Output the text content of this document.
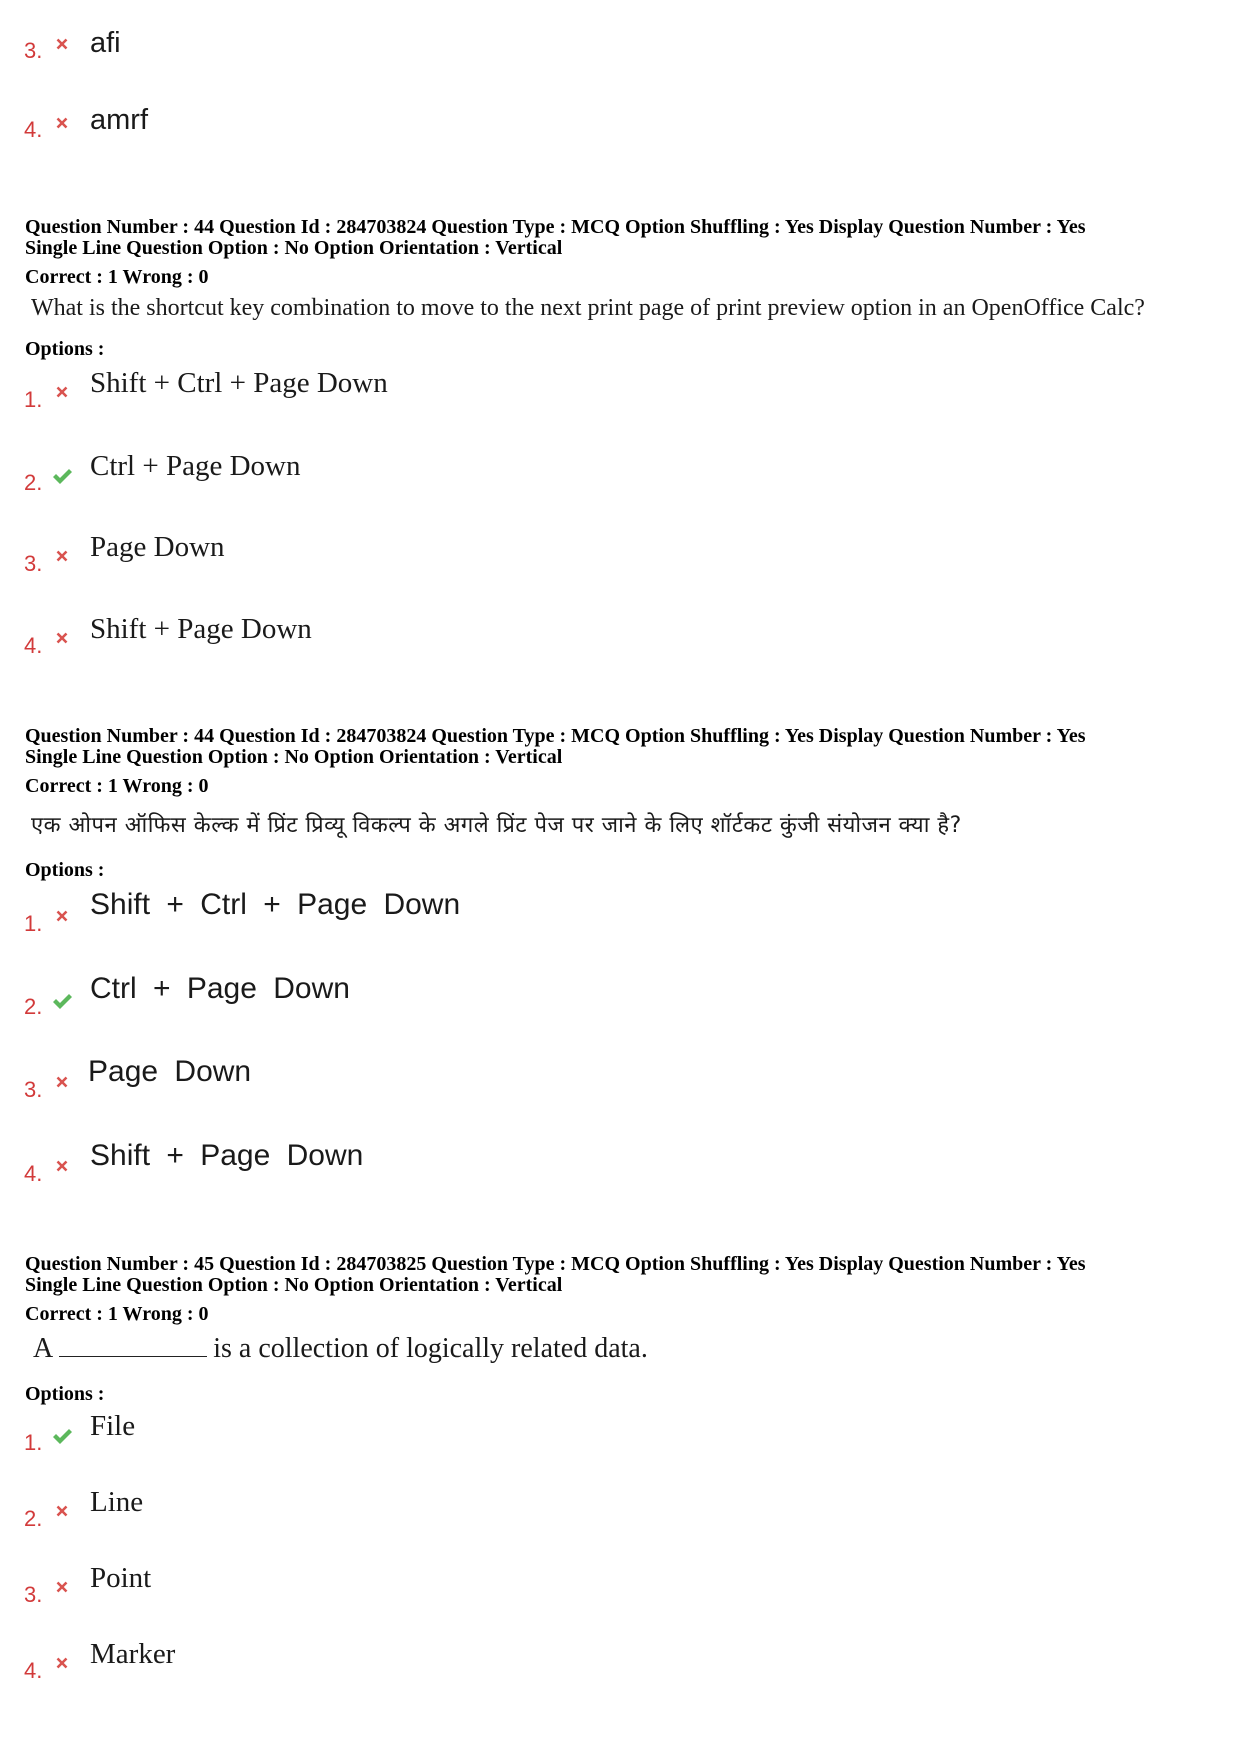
3. afi
4. amrf
Question Number : 44 Question Id : 284703824 Question Type : MCQ Option Shuffling : Yes Display Question Number : Yes
Single Line Question Option : No Option Orientation : Vertical
Correct : 1 Wrong : 0
What is the shortcut key combination to move to the next print page of print preview option in an OpenOffice Calc?
Options :
1.
Shift + Ctrl + Page Down
2.
Ctrl + Page Down
3.
Page Down
4.
Shift + Page Down
Question Number : 44 Question Id : 284703824 Question Type : MCQ Option Shuffling : Yes Display Question Number : Yes
Single Line Question Option : No Option Orientation : Vertical
Correct : 1 Wrong : 0
एक ओपन ऑफिस केल्क में प्रिंट प्रिव्यू विकल्प के अगले प्रिंट पेज पर जाने के लिए शॉर्टकट कुंजी संयोजन क्या है?
Options :
1.
Shift + Ctrl + Page Down
2.
Ctrl + Page Down
3.
Page Down
4.
Shift + Page Down
Question Number : 45 Question Id : 284703825 Question Type : MCQ Option Shuffling : Yes Display Question Number : Yes
Single Line Question Option : No Option Orientation : Vertical
Correct : 1 Wrong : 0
A	is a collection of logically related data.
Options :
1.
File
2.
Line
3.
Point
4.
Marker
